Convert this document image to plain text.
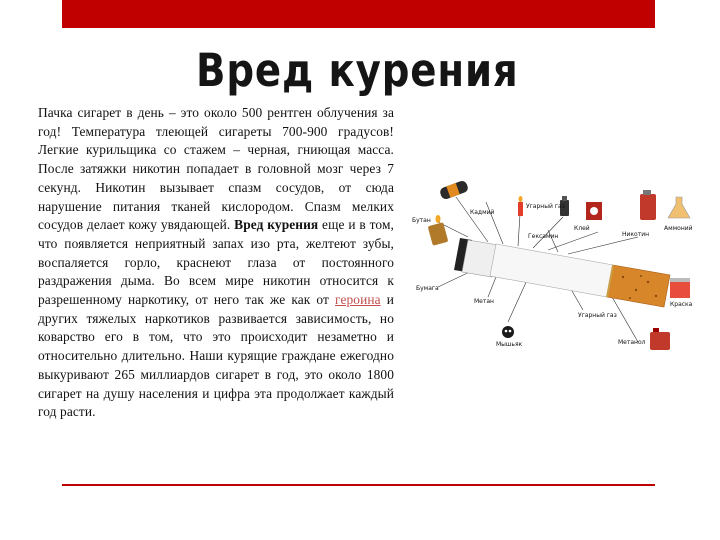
Вред курения

Пачка сигарет в день – это около 500 рентген облучения за год! Температура тлеющей сигареты 700-900 градусов! Легкие курильщика со стажем – черная, гниющая масса. После затяжки никотин попадает в головной мозг через 7 секунд. Никотин вызывает спазм сосудов, от сюда нарушение питания тканей кислородом. Спазм мелких сосудов делает кожу увядающей. Вред курения еще и в том, что появляется неприятный запах изо рта, желтеют зубы, воспаляется горло, краснеют глаза от постоянного раздражения дыма. Во всем мире никотин относится к разрешенному наркотику, от него так же как от героина и других тяжелых наркотиков развивается зависимость, но коварство его в том, что это происходит незаметно и относительно длительно. Наши курящие граждане ежегодно выкуривают 265 миллиардов сигарет в год, это около 1800 сигарет на душу населения и цифра эта продолжает каждый год расти.

Бутан
Кадмий
Угарный газ
Клей
Никотин
Аммоний
Гексамин
Бумага
Метан
Мышьяк
Угарный газ
Краска
Метанол
